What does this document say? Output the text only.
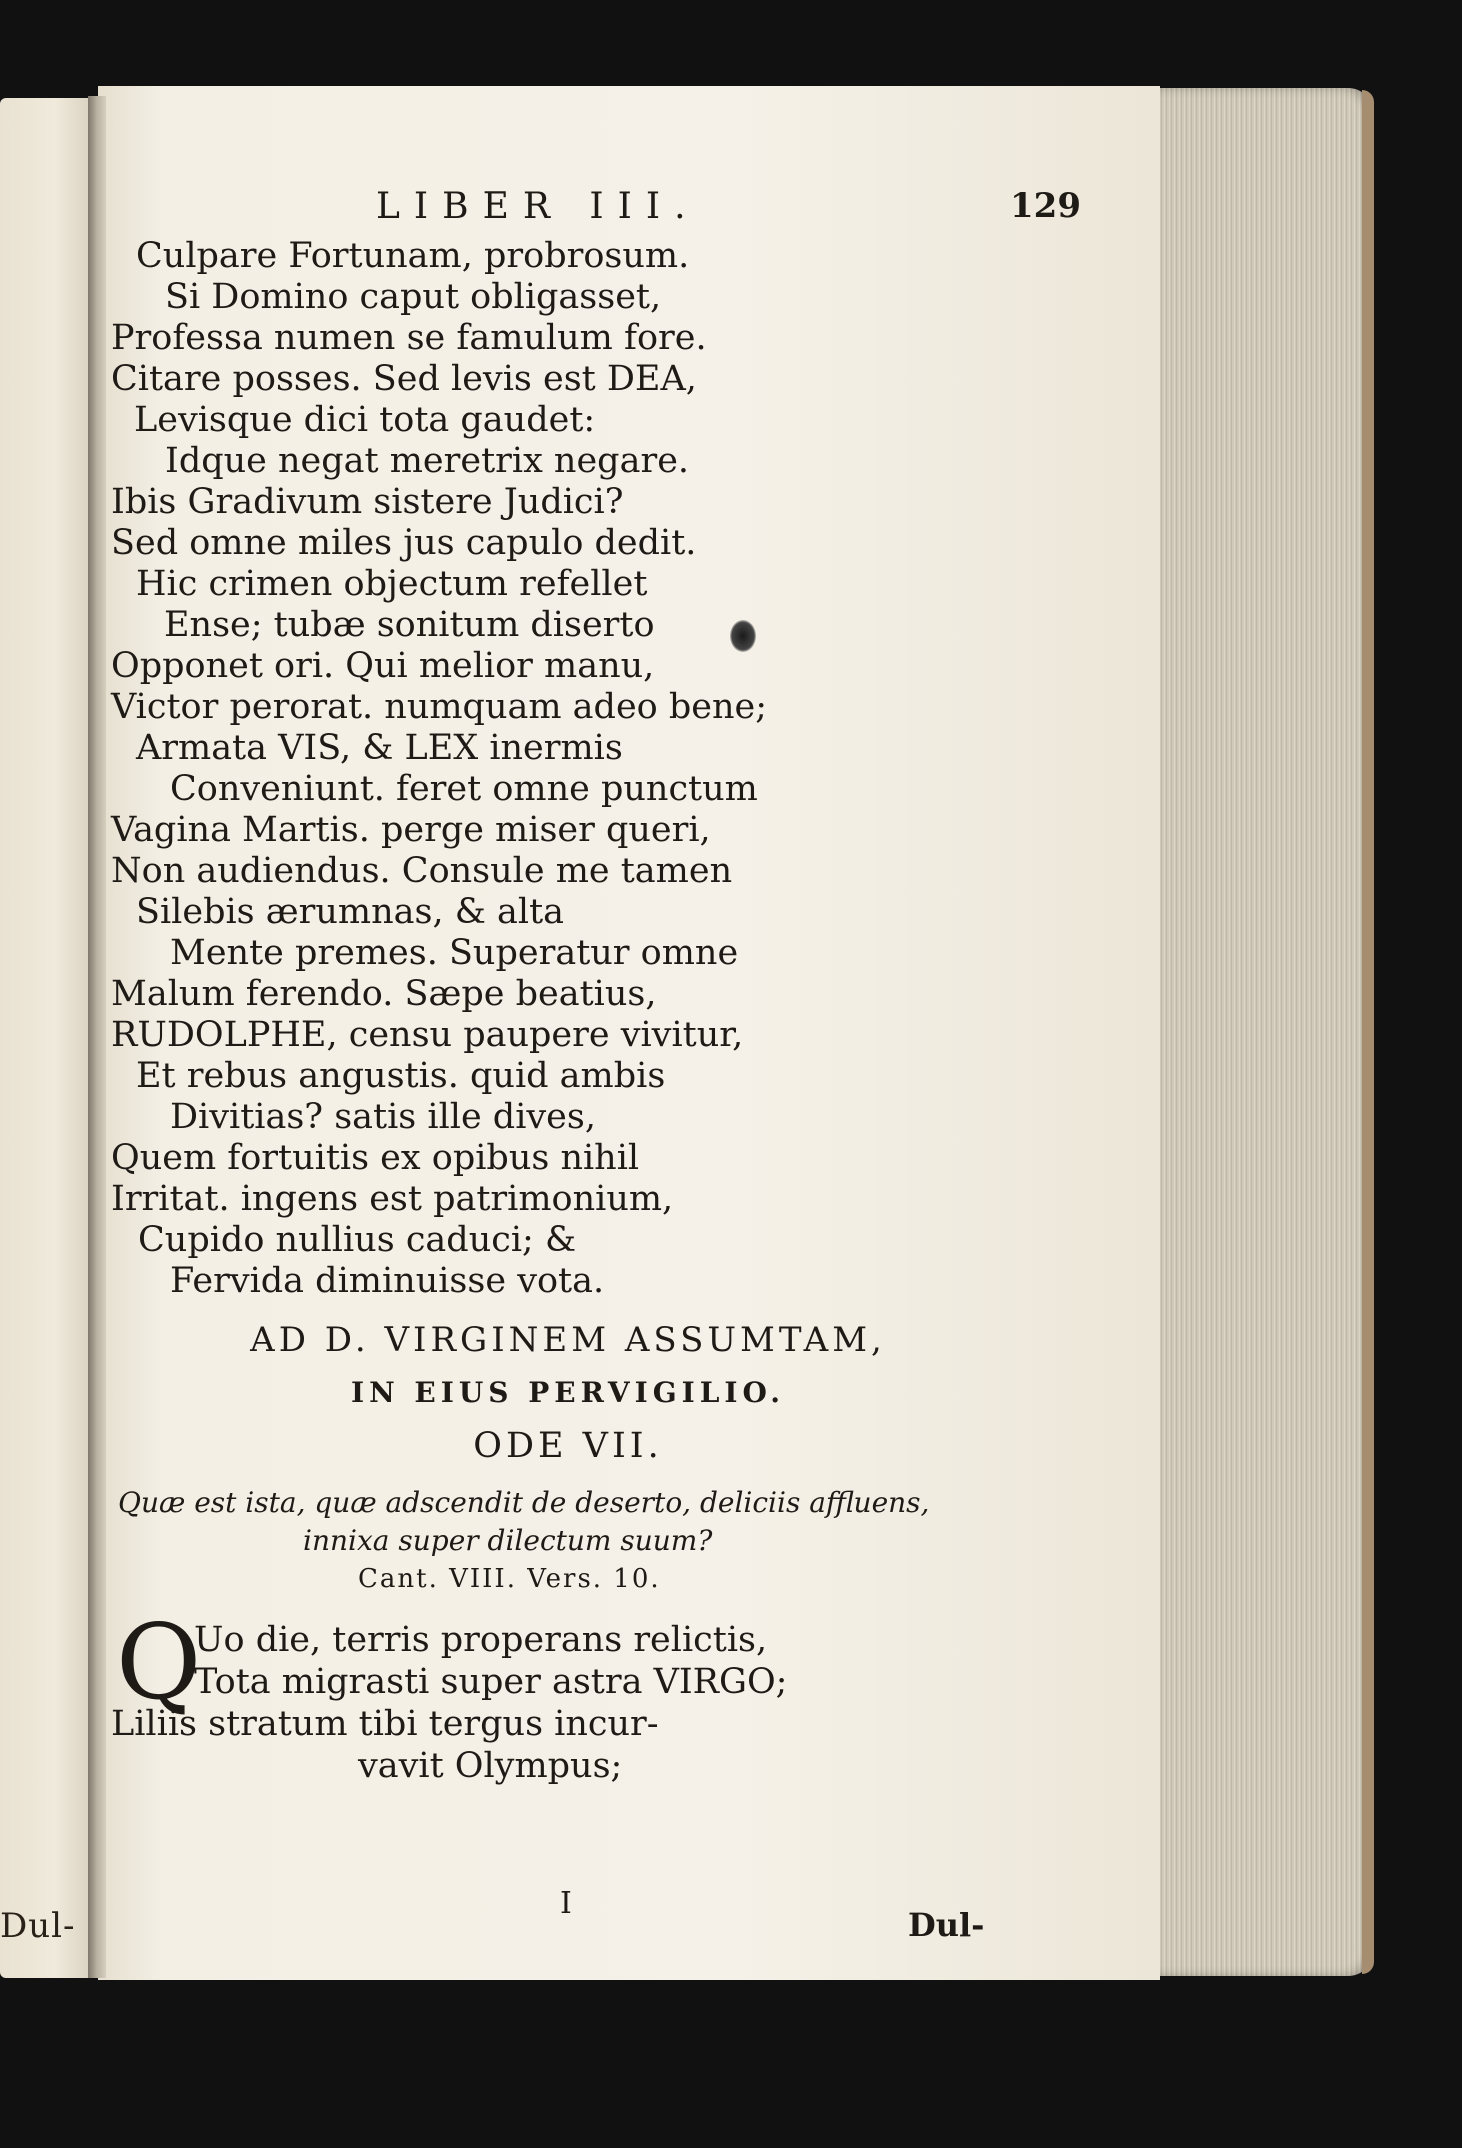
Dul-
LIBER III.	129
Culpare Fortunam, probrosum.
Si Domino caput obligasset,
Professa numen se famulum fore.
Citare posses. Sed levis est DEA,
Levisque dici tota gaudet:
Idque negat meretrix negare.
Ibis Gradivum sistere Judici?
Sed omne miles jus capulo dedit.
Hic crimen objectum refellet
Ense; tubæ sonitum diserto
Opponet ori. Qui melior manu,
Victor perorat. numquam adeo bene;
Armata VIS, & LEX inermis
Conveniunt. feret omne punctum
Vagina Martis. perge miser queri,
Non audiendus. Consule me tamen
Silebis ærumnas, & alta
Mente premes. Superatur omne
Malum ferendo. Sæpe beatius,
RUDOLPHE, censu paupere vivitur,
Et rebus angustis. quid ambis
Divitias? satis ille dives,
Quem fortuitis ex opibus nihil
Irritat. ingens est patrimonium,
Cupido nullius caduci; &
Fervida diminuisse vota.
AD D. VIRGINEM ASSUMTAM,
IN EIUS PERVIGILIO.
ODE VII.
Quæ est ista, quæ adscendit de deserto, deliciis affluens,
innixa super dilectum suum?
Cant. VIII. Vers. 10.
Q
Uo die, terris properans relictis,
Tota migrasti super astra VIRGO;
Liliis stratum tibi tergus incur-
vavit Olympus;
I
Dul-
